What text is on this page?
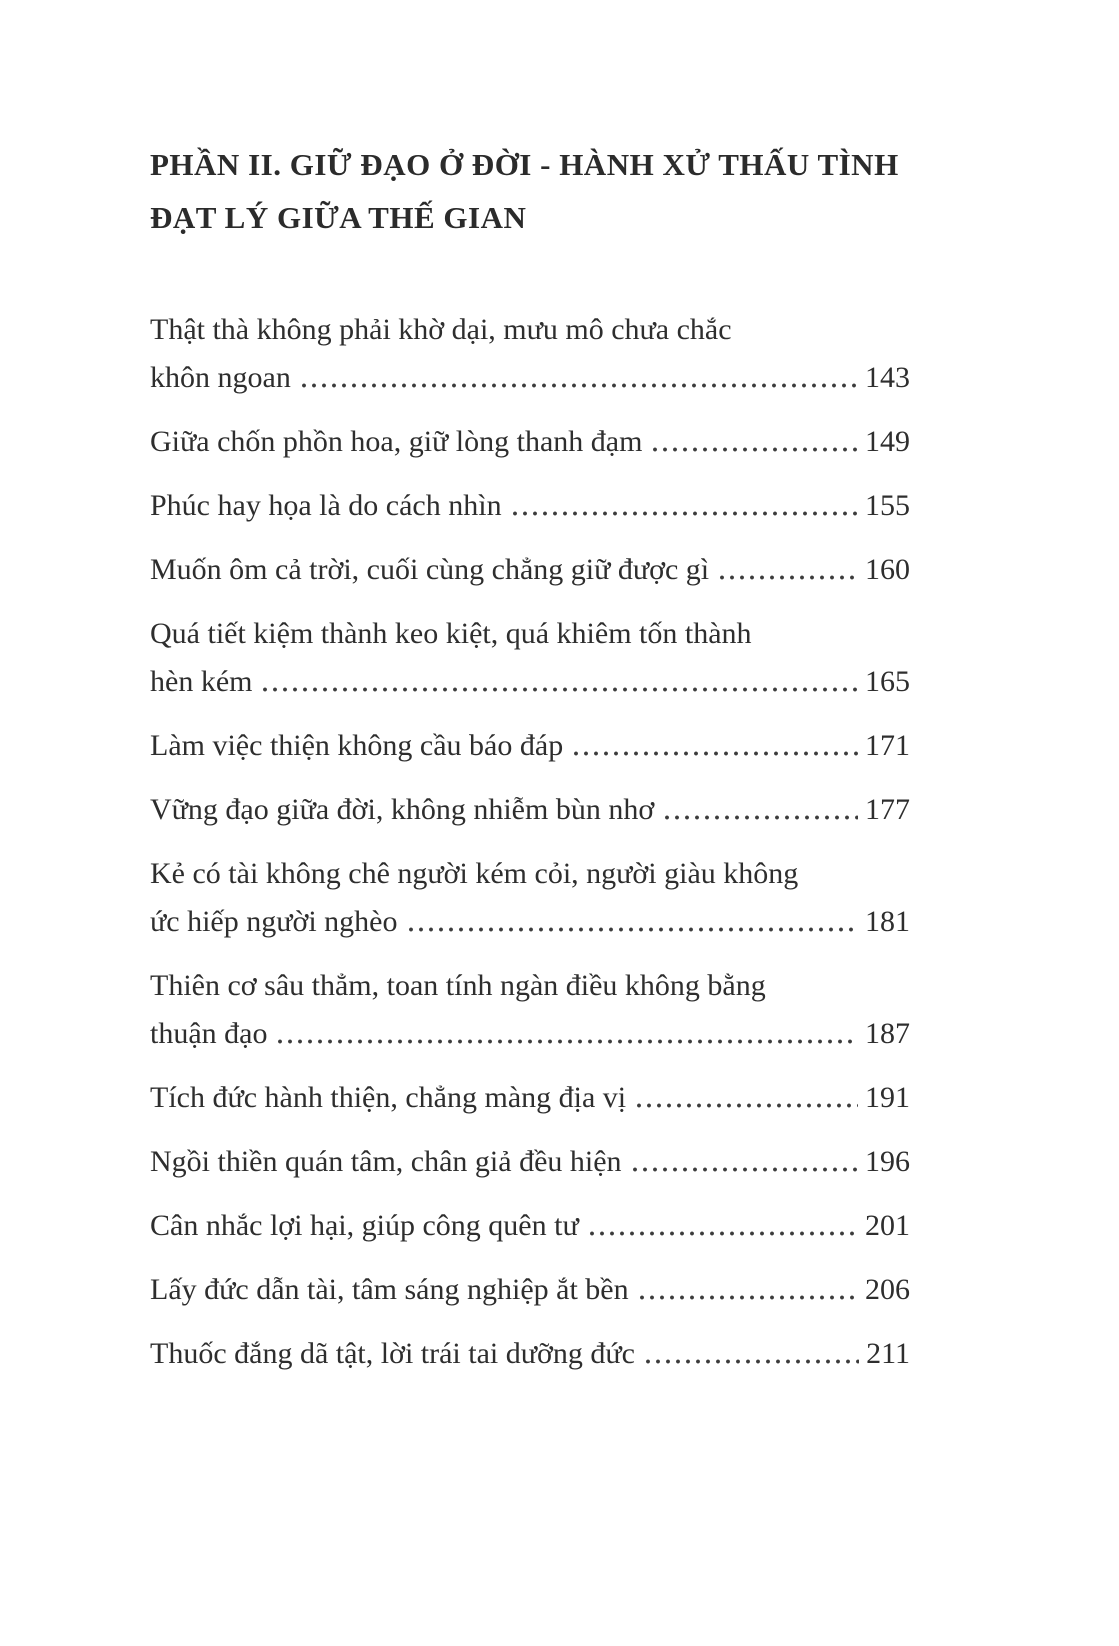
PHẦN II. GIỮ ĐẠO Ở ĐỜI - HÀNH XỬ THẤU TÌNH
ĐẠT LÝ GIỮA THẾ GIAN
Thật thà không phải khờ dại, mưu mô chưa chắc
khôn ngoan	143
Giữa chốn phồn hoa, giữ lòng thanh đạm	149
Phúc hay họa là do cách nhìn	155
Muốn ôm cả trời, cuối cùng chẳng giữ được gì	160
Quá tiết kiệm thành keo kiệt, quá khiêm tốn thành
hèn kém	165
Làm việc thiện không cầu báo đáp	171
Vững đạo giữa đời, không nhiễm bùn nhơ	177
Kẻ có tài không chê người kém cỏi, người giàu không
ức hiếp người nghèo	181
Thiên cơ sâu thẳm, toan tính ngàn điều không bằng
thuận đạo	187
Tích đức hành thiện, chẳng màng địa vị	191
Ngồi thiền quán tâm, chân giả đều hiện	196
Cân nhắc lợi hại, giúp công quên tư	201
Lấy đức dẫn tài, tâm sáng nghiệp ắt bền	206
Thuốc đắng dã tật, lời trái tai dưỡng đức	211
